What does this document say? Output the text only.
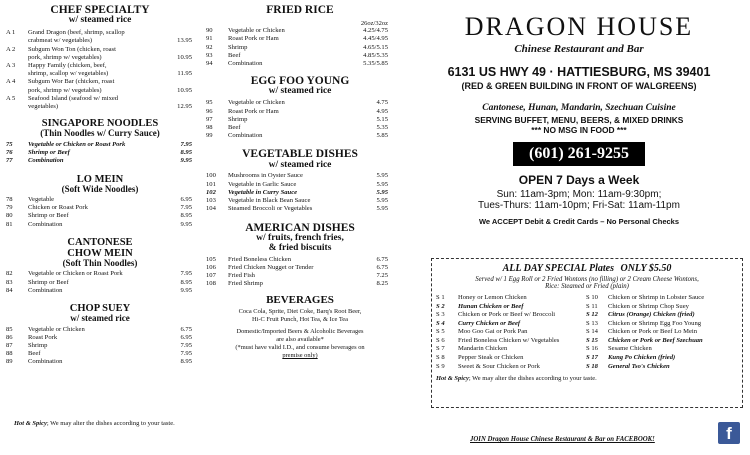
CHEF SPECIALTY
w/ steamed rice
A 1	Grand Dragon (beef, shrimp, scallop
crabmeat w/ vegetables)	13.95
A 2	Subgum Won Ton (chicken, roast
pork, shrimp w/ vegetables)	10.95
A 3	Happy Family (chicken, beef,
shrimp, scallop w/ vegetables)	11.95
A 4	Subgum Wor Bar (chicken, roast
pork, shrimp w/ vegetables)	10.95
A 5	Seafood Island (seafood w/ mixed
vegetables)	12.95
SINGAPORE NOODLES
(Thin Noodles w/ Curry Sauce)
75	Vegetable or Chicken or Roast Pork	7.95
76	Shrimp or Beef	8.95
77	Combination	9.95
LO MEIN
(Soft Wide Noodles)
78	Vegetable	6.95
79	Chicken or Roast Pork	7.95
80	Shrimp or Beef	8.95
81	Combination	9.95
CANTONESE
CHOW MEIN
(Soft Thin Noodles)
82	Vegetable or Chicken or Roast Pork	7.95
83	Shrimp or Beef	8.95
84	Combination	9.95
CHOP SUEY
w/ steamed rice
85	Vegetable or Chicken	6.75
86	Roast Pork	6.95
87	Shrimp	7.95
88	Beef	7.95
89	Combination	8.95
Hot & Spicy; We may alter the dishes according to your taste.
FRIED RICE
26oz/32oz
90	Vegetable or Chicken	4.25/4.75
91	Roast Pork or Ham	4.45/4.95
92	Shrimp	4.65/5.15
93	Beef	4.85/5.35
94	Combination	5.35/5.85
EGG FOO YOUNG
w/ steamed rice
95	Vegetable or Chicken	4.75
96	Roast Pork or Ham	4.95
97	Shrimp	5.15
98	Beef	5.35
99	Combination	5.85
VEGETABLE DISHES
w/ steamed rice
100	Mushrooms in Oyster Sauce	5.95
101	Vegetable in Garlic Sauce	5.95
102	Vegetable in Curry Sauce	5.95
103	Vegetable in Black Bean Sauce	5.95
104	Steamed Broccoli or Vegetables	5.95
AMERICAN DISHES
w/ fruits, french fries,
& fried biscuits
105	Fried Boneless Chicken	6.75
106	Fried Chicken Nugget or Tender	6.75
107	Fried Fish	7.25
108	Fried Shrimp	8.25
BEVERAGES
Coca Cola, Sprite, Diet Coke, Barq's Root Beer,
Hi-C Fruit Punch, Hot Tea, & Ice Tea
Domestic/Imported Beers & Alcoholic Beverages
are also available*
(*must have valid I.D., and consume beverages on
premise only)
DRAGON HOUSE
Chinese Restaurant and Bar
6131 US HWY 49 · HATTIESBURG, MS 39401
(RED & GREEN BUILDING IN FRONT OF WALGREENS)
Cantonese, Hunan, Mandarin, Szechuan Cuisine
SERVING BUFFET, MENU, BEERS, & MIXED DRINKS
*** NO MSG IN FOOD ***
(601) 261-9255
OPEN 7 Days a Week
Sun: 11am-3pm; Mon: 11am-9:30pm;
Tues-Thurs: 11am-10pm; Fri-Sat: 11am-11pm
We ACCEPT Debit & Credit Cards – No Personal Checks
ALL DAY SPECIAL Plates ONLY $5.50
Served w/ 1 Egg Roll or 2 Fried Wontons (no filling) or 2 Cream Cheese Wontons,
Rice: Steamed or Fried (plain)
S 1	Honey or Lemon Chicken	S 10	Chicken or Shrimp in Lobster Sauce
S 2	Hunan Chicken or Beef	S 11	Chicken or Shrimp Chop Suey
S 3	Chicken or Pork or Beef w/ Broccoli	S 12	Citrus (Orange) Chicken (fried)
S 4	Curry Chicken or Beef	S 13	Chicken or Shrimp Egg Foo Young
S 5	Moo Goo Gai or Pork Pan	S 14	Chicken or Pork or Beef Lo Mein
S 6	Fried Boneless Chicken w/ Vegetables	S 15	Chicken or Pork or Beef Szechuan
S 7	Mandarin Chicken	S 16	Sesame Chicken
S 8	Pepper Steak or Chicken	S 17	Kung Po Chicken (fried)
S 9	Sweet & Sour Chicken or Pork	S 18	General Tso's Chicken
Hot & Spicy; We may alter the dishes according to your taste.
JOIN Dragon House Chinese Restaurant & Bar on FACEBOOK!	f
